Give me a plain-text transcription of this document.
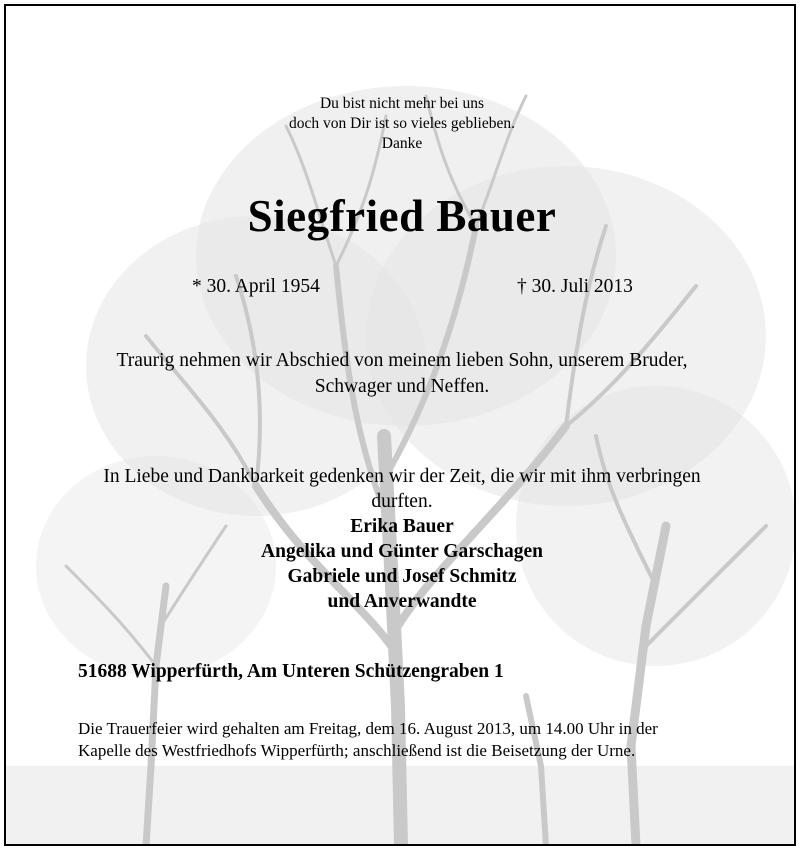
Du bist nicht mehr bei uns
doch von Dir ist so vieles geblieben.
Danke
Siegfried Bauer

* 30. April 1954	† 30. Juli 2013

Traurig nehmen wir Abschied von meinem lieben Sohn, unserem Bruder,
Schwager und Neffen.
In Liebe und Dankbarkeit gedenken wir der Zeit, die wir mit ihm verbringen
durften.
Erika Bauer
Angelika und Günter Garschagen
Gabriele und Josef Schmitz
und Anverwandte

51688 Wipperfürth, Am Unteren Schützengraben 1

Die Trauerfeier wird gehalten am Freitag, dem 16. August 2013, um 14.00 Uhr in der
Kapelle des Westfriedhofs Wipperfürth; anschließend ist die Beisetzung der Urne.
